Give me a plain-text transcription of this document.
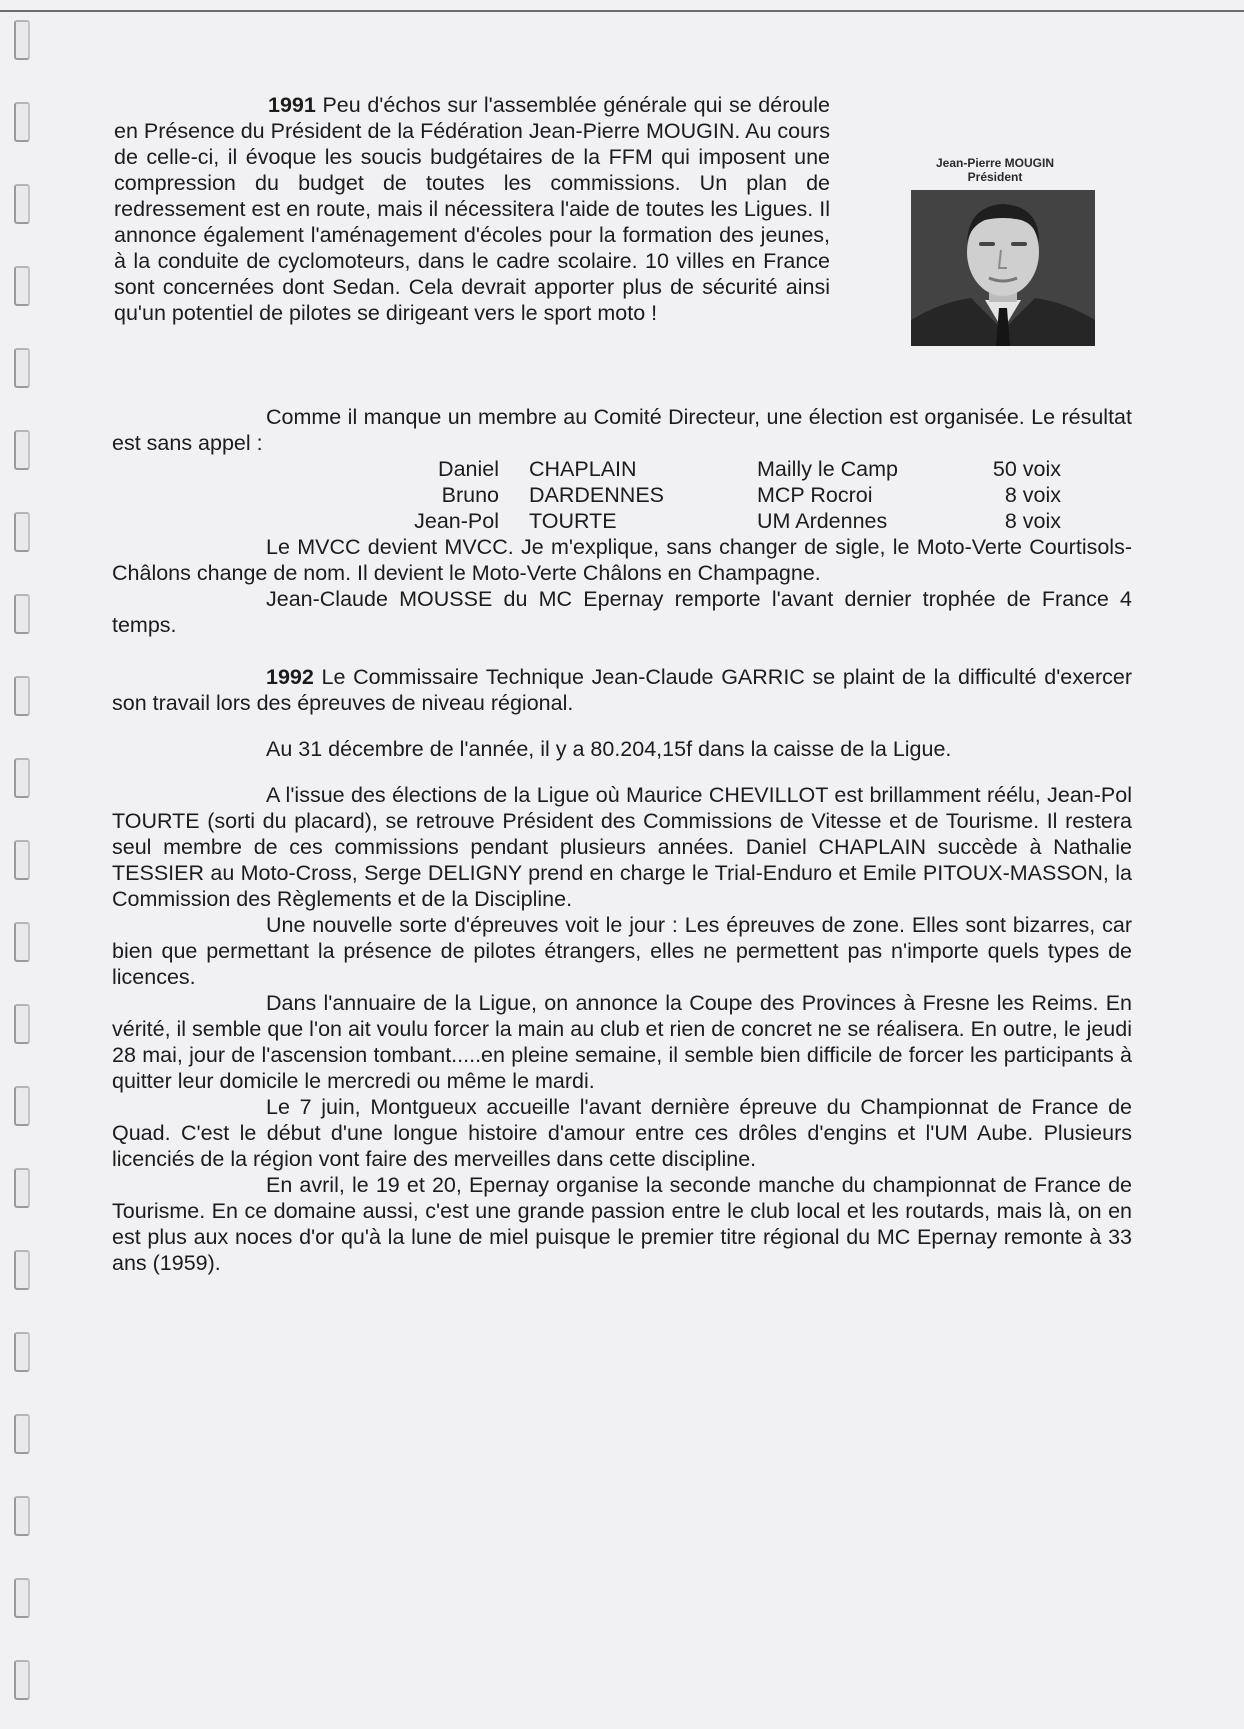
Jean-Pierre MOUGIN
Président

1991 Peu d'échos sur l'assemblée générale qui se déroule en Présence du Président de la Fédération Jean-Pierre MOUGIN. Au cours de celle-ci, il évoque les soucis budgétaires de la FFM qui imposent une compression du budget de toutes les commissions. Un plan de redressement est en route, mais il nécessitera l'aide de toutes les Ligues. Il annonce également l'aménagement d'écoles pour la formation des jeunes, à la conduite de cyclomoteurs, dans le cadre scolaire. 10 villes en France sont concernées dont Sedan. Cela devrait apporter plus de sécurité ainsi qu'un potentiel de pilotes se dirigeant vers le sport moto !

Comme il manque un membre au Comité Directeur, une élection est organisée. Le résultat est sans appel :

Daniel	CHAPLAIN	Mailly le Camp	50 voix
Bruno	DARDENNES	MCP Rocroi	8 voix
Jean-Pol	TOURTE	UM Ardennes	8 voix

Le MVCC devient MVCC. Je m'explique, sans changer de sigle, le Moto-Verte Courtisols-Châlons change de nom. Il devient le Moto-Verte Châlons en Champagne.

Jean-Claude MOUSSE du MC Epernay remporte l'avant dernier trophée de France 4 temps.

1992 Le Commissaire Technique Jean-Claude GARRIC se plaint de la difficulté d'exercer son travail lors des épreuves de niveau régional.

Au 31 décembre de l'année, il y a 80.204,15f dans la caisse de la Ligue.

A l'issue des élections de la Ligue où Maurice CHEVILLOT est brillamment réélu, Jean-Pol TOURTE (sorti du placard), se retrouve Président des Commissions de Vitesse et de Tourisme. Il restera seul membre de ces commissions pendant plusieurs années. Daniel CHAPLAIN succède à Nathalie TESSIER au Moto-Cross, Serge DELIGNY prend en charge le Trial-Enduro et Emile PITOUX-MASSON, la Commission des Règlements et de la Discipline.

Une nouvelle sorte d'épreuves voit le jour : Les épreuves de zone. Elles sont bizarres, car bien que permettant la présence de pilotes étrangers, elles ne permettent pas n'importe quels types de licences.

Dans l'annuaire de la Ligue, on annonce la Coupe des Provinces à Fresne les Reims. En vérité, il semble que l'on ait voulu forcer la main au club et rien de concret ne se réalisera. En outre, le jeudi 28 mai, jour de l'ascension tombant.....en pleine semaine, il semble bien difficile de forcer les participants à quitter leur domicile le mercredi ou même le mardi.

Le 7 juin, Montgueux accueille l'avant dernière épreuve du Championnat de France de Quad. C'est le début d'une longue histoire d'amour entre ces drôles d'engins et l'UM Aube. Plusieurs licenciés de la région vont faire des merveilles dans cette discipline.

En avril, le 19 et 20, Epernay organise la seconde manche du championnat de France de Tourisme. En ce domaine aussi, c'est une grande passion entre le club local et les routards, mais là, on en est plus aux noces d'or qu'à la lune de miel puisque le premier titre régional du MC Epernay remonte à 33 ans (1959).
